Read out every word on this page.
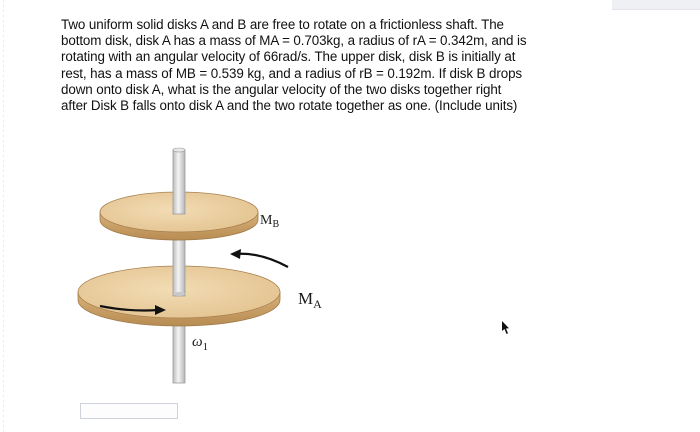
Two uniform solid disks A and B are free to rotate on a frictionless shaft. The

bottom disk, disk A has a mass of MA = 0.703kg, a radius of rA = 0.342m, and is

rotating with an angular velocity of 66rad/s. The upper disk, disk B is initially at

rest, has a mass of MB = 0.539 kg, and a radius of rB = 0.192m. If disk B drops

down onto disk A, what is the angular velocity of the two disks together right

after Disk B falls onto disk A and the two rotate together as one. (Include units)

$M_B$
$M_A$
$\omega_1$
